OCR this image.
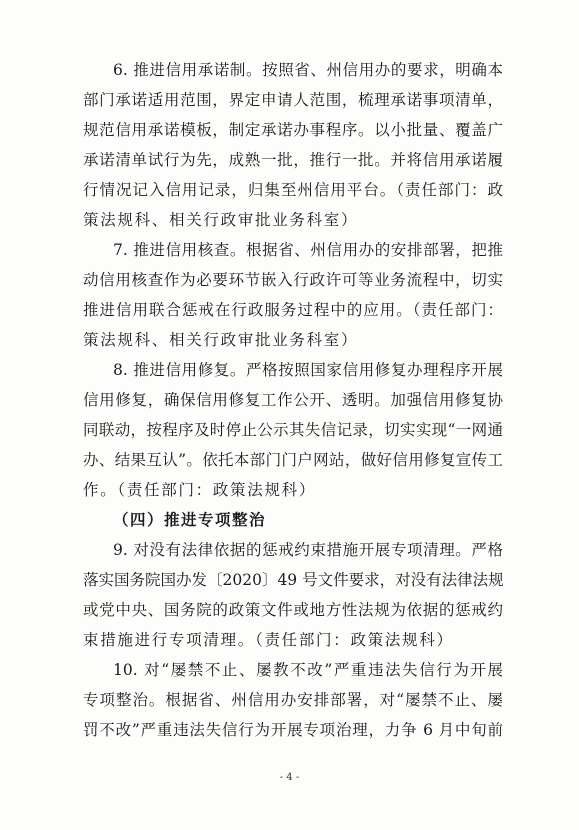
6. 推进信用承诺制。按照省、州信用办的要求，明确本
部门承诺适用范围，界定申请人范围，梳理承诺事项清单，
规范信用承诺模板，制定承诺办事程序。以小批量、覆盖广
承诺清单试行为先，成熟一批，推行一批。并将信用承诺履
行情况记入信用记录，归集至州信用平台。（责任部门：政
策法规科、相关行政审批业务科室）
7. 推进信用核查。根据省、州信用办的安排部署，把推
动信用核查作为必要环节嵌入行政许可等业务流程中，切实
推进信用联合惩戒在行政服务过程中的应用。（责任部门：
策法规科、相关行政审批业务科室）
8. 推进信用修复。严格按照国家信用修复办理程序开展
信用修复，确保信用修复工作公开、透明。加强信用修复协
同联动，按程序及时停止公示其失信记录，切实实现“一网通
办、结果互认”。依托本部门门户网站，做好信用修复宣传工
作。（责任部门：政策法规科）
（四）推进专项整治
9. 对没有法律依据的惩戒约束措施开展专项清理。严格
落实国务院国办发〔2020〕49 号文件要求，对没有法律法规
或党中央、国务院的政策文件或地方性法规为依据的惩戒约
束措施进行专项清理。（责任部门：政策法规科）
10. 对“屡禁不止、屡教不改”严重违法失信行为开展
专项整治。根据省、州信用办安排部署，对“屡禁不止、屡
罚不改”严重违法失信行为开展专项治理，力争 6 月中旬前
- 4 -
